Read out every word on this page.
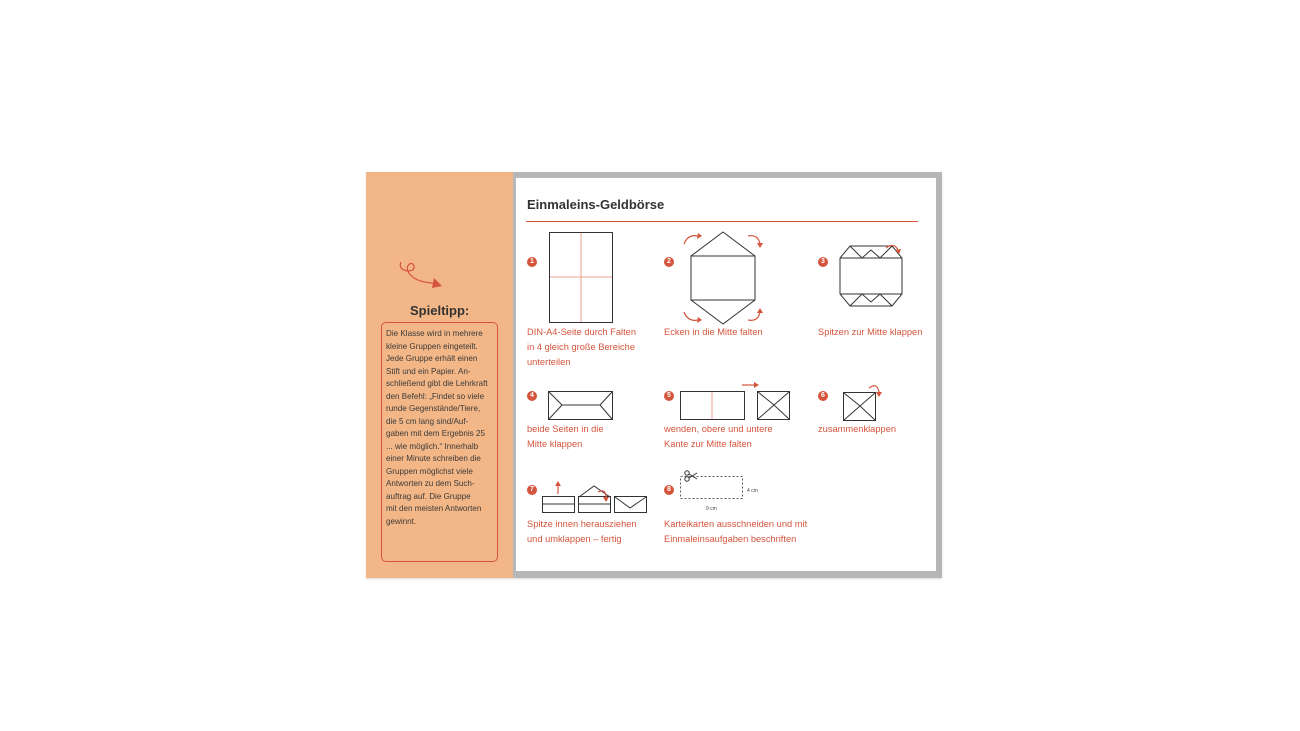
Spieltipp:

Die Klasse wird in mehrere
kleine Gruppen eingeteilt.
Jede Gruppe erhält einen
Stift und ein Papier. An-
schließend gibt die Lehrkraft
den Befehl: „Findet so viele
runde Gegenstände/Tiere,
die 5 cm lang sind/Auf-
gaben mit dem Ergebnis 25
... wie möglich.“ Innerhalb
einer Minute schreiben die
Gruppen möglichst viele
Antworten zu dem Such-
auftrag auf. Die Gruppe
mit den meisten Antworten
gewinnt.

Einmaleins-Geldbörse
1
DIN-A4-Seite durch Falten
in 4 gleich große Bereiche
unterteilen
2
Ecken in die Mitte falten
3
Spitzen zur Mitte klappen
4
beide Seiten in die
Mitte klappen
5
wenden, obere und untere
Kante zur Mitte falten
6
zusammenklappen
7
Spitze innen herausziehen
und umklappen – fertig
8
9 cm
4 cm
Karteikarten ausschneiden und mit
Einmaleinsaufgaben beschriften
